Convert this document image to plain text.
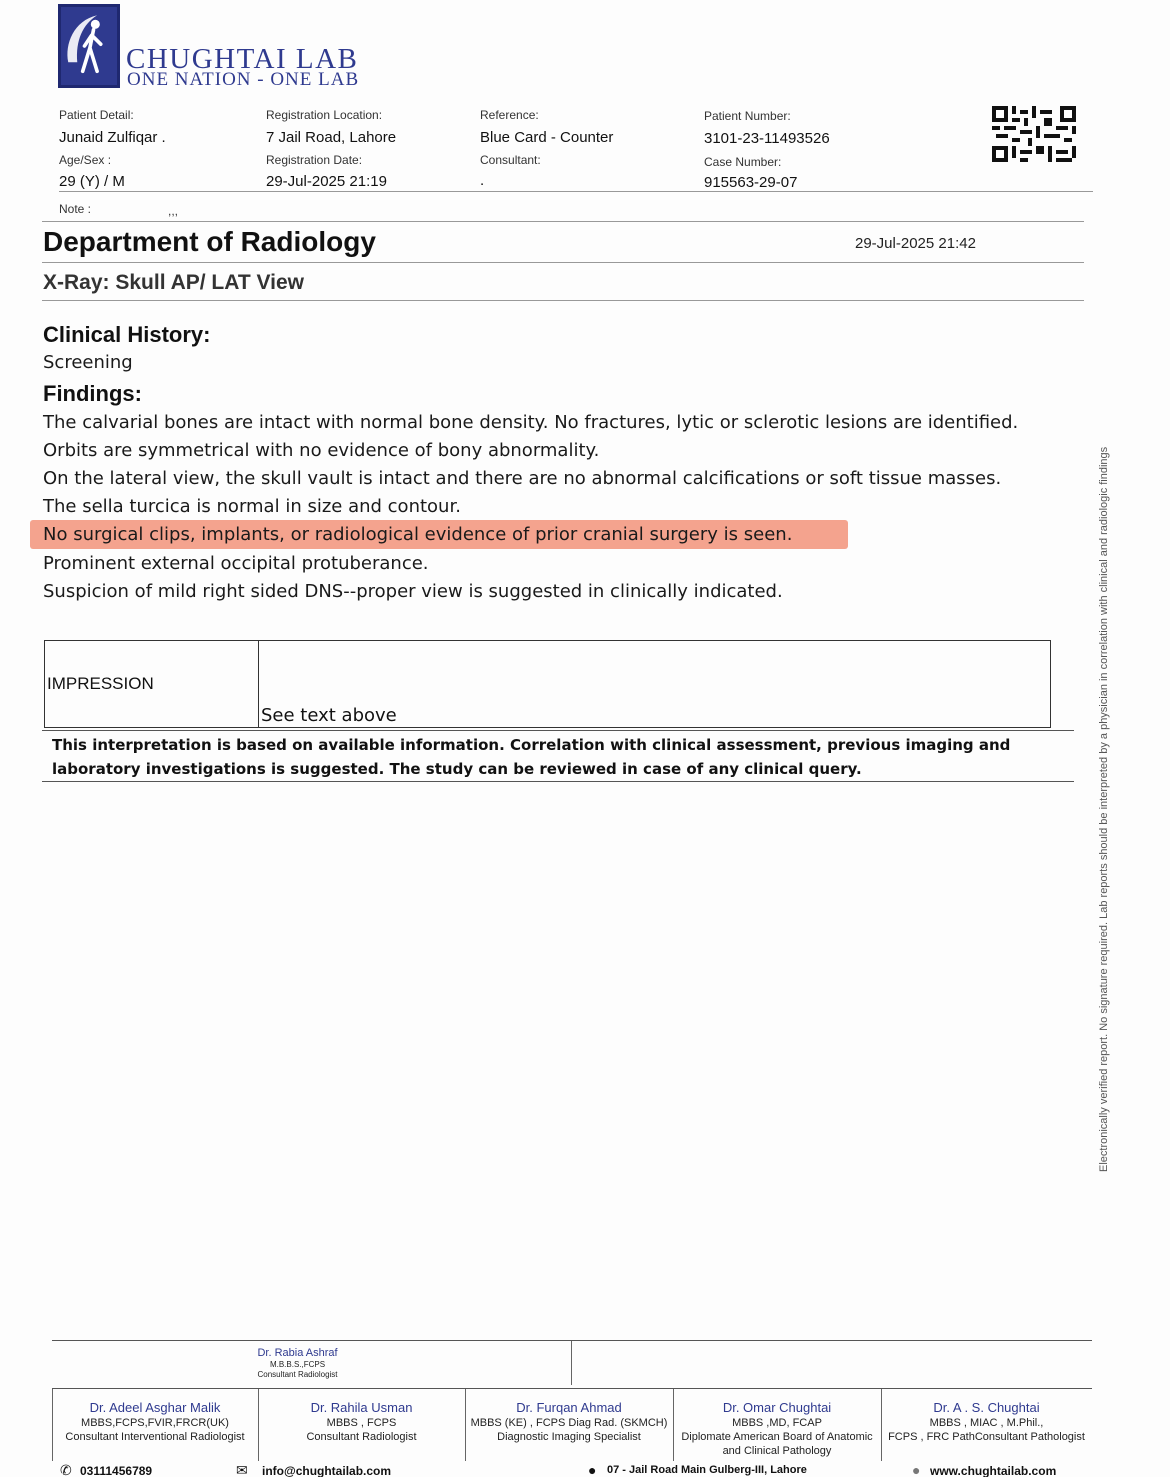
CHUGHTAI LAB
ONE NATION - ONE LAB
Patient Detail:
Junaid Zulfiqar .
Age/Sex :
29 (Y) / M
Note :	,,,
Registration Location:
7 Jail Road, Lahore
Registration Date:
29-Jul-2025 21:19
Reference:
Blue Card - Counter
Consultant:
.
Patient Number:
3101-23-11493526
Case Number:
915563-29-07
Department of Radiology	29-Jul-2025 21:42
X-Ray: Skull AP/ LAT View
Clinical History:
Screening
Findings:
The calvarial bones are intact with normal bone density. No fractures, lytic or sclerotic lesions are identified.
Orbits are symmetrical with no evidence of bony abnormality.
On the lateral view, the skull vault is intact and there are no abnormal calcifications or soft tissue masses.
The sella turcica is normal in size and contour.
No surgical clips, implants, or radiological evidence of prior cranial surgery is seen.
Prominent external occipital protuberance.
Suspicion of mild right sided DNS--proper view is suggested in clinically indicated.
IMPRESSION
See text above
This interpretation is based on available information. Correlation with clinical assessment, previous imaging and
laboratory investigations is suggested. The study can be reviewed in case of any clinical query.	Electronically verified report. No signature required. Lab reports should be interpreted by a physician in correlation with clinical and radiologic findings
Dr. Rabia Ashraf
M.B.B.S.,FCPS
Consultant Radiologist
Dr. Adeel Asghar Malik
MBBS,FCPS,FVIR,FRCR(UK)
Consultant Interventional Radiologist
Dr. Rahila Usman
MBBS , FCPS
Consultant Radiologist
Dr. Furqan Ahmad
MBBS (KE) , FCPS Diag Rad. (SKMCH)
Diagnostic Imaging Specialist
Dr. Omar Chughtai
MBBS ,MD, FCAP
Diplomate American Board of Anatomic
and Clinical Pathology
Dr. A . S. Chughtai
MBBS , MIAC , M.Phil.,
FCPS , FRC PathConsultant Pathologist
✆ 03111456789	✉ info@chughtailab.com	● 07 - Jail Road Main Gulberg-III, Lahore	● www.chughtailab.com
